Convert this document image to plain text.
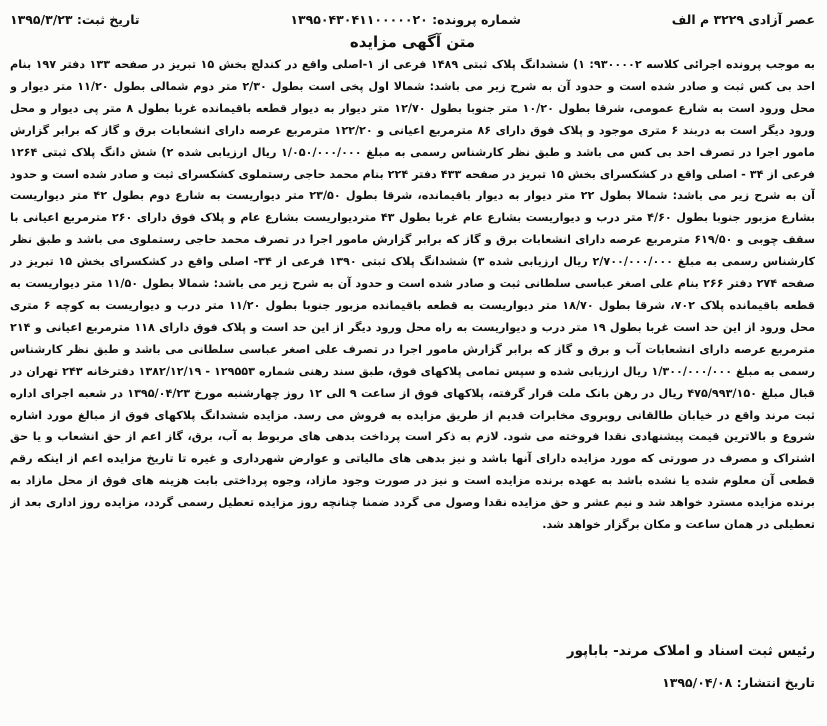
عصر آزادی ۳۲۲۹ م الف
شماره پرونده: ۱۳۹۵۰۴۳۰۴۱۱۰۰۰۰۰۲۰
تاریخ ثبت: ۱۳۹۵/۳/۲۳
متن آگهی مزایده
به موجب پرونده اجرائی کلاسه ۹۳۰۰۰۰۲: ۱) ششدانگ پلاک ثبتی ۱۴۸۹ فرعی از ۱-اصلی واقع در کندلج بخش ۱۵ تبریز در صفحه ۱۳۳ دفتر ۱۹۷ بنام احد بی کس ثبت و صادر شده است و حدود آن به شرح زیر می باشد: شمالا اول پخی است بطول ۲/۳۰ متر دوم شمالی بطول ۱۱/۲۰ متر دیوار و محل ورود است به شارع عمومی، شرقا بطول ۱۰/۲۰ متر جنوبا بطول ۱۲/۷۰ متر دیوار به دیوار قطعه باقیمانده غربا بطول ۸ متر پی دیوار و محل ورود دیگر است به دربند ۶ متری موجود و پلاک فوق دارای ۸۶ مترمربع اعیانی و ۱۲۲/۲۰ مترمربع عرصه دارای انشعابات برق و گاز که برابر گزارش مامور اجرا در تصرف احد بی کس می باشد و طبق نظر کارشناس رسمی به مبلغ ۱/۰۵۰/۰۰۰/۰۰۰ ریال ارزیابی شده ۲) شش دانگ پلاک ثبتی ۱۲۶۴ فرعی از ۳۴ - اصلی واقع در کشکسرای بخش ۱۵ تبریز در صفحه ۴۳۳ دفتر ۲۲۴ بنام محمد حاجی رستملوی کشکسرای ثبت و صادر شده است و حدود آن به شرح زیر می باشد: شمالا بطول ۲۲ متر دیوار به دیوار باقیمانده، شرقا بطول ۲۳/۵۰ متر دیواریست به شارع دوم بطول ۴۲ متر دیواریست بشارع مزبور جنوبا بطول ۴/۶۰ متر درب و دیواریست بشارع عام غربا بطول ۴۳ متردیواریست بشارع عام و پلاک فوق دارای ۲۶۰ مترمربع اعیانی با سقف چوبی و ۶۱۹/۵۰ مترمربع عرصه دارای انشعابات برق و گاز که برابر گزارش مامور اجرا در تصرف محمد حاجی رستملوی می باشد و طبق نظر کارشناس رسمی به مبلغ ۲/۷۰۰/۰۰۰/۰۰۰ ریال ارزیابی شده ۳) ششدانگ پلاک ثبتی ۱۳۹۰ فرعی از ۳۴- اصلی واقع در کشکسرای بخش ۱۵ تبریز در صفحه ۲۷۴ دفتر ۲۶۶ بنام علی اصغر عباسی سلطانی ثبت و صادر شده است و حدود آن به شرح زیر می باشد: شمالا بطول ۱۱/۵۰ متر دیواریست به قطعه باقیمانده پلاک ۷۰۲، شرقا بطول ۱۸/۷۰ متر دیواریست به قطعه باقیمانده مزبور جنوبا بطول ۱۱/۲۰ متر درب و دیواریست به کوچه ۶ متری محل ورود از این حد است غربا بطول ۱۹ متر درب و دیواریست به راه محل ورود دیگر از این حد است و پلاک فوق دارای ۱۱۸ مترمربع اعیانی و ۲۱۴ مترمربع عرصه دارای انشعابات آب و برق و گاز که برابر گزارش مامور اجرا در تصرف علی اصغر عباسی سلطانی می باشد و طبق نظر کارشناس رسمی به مبلغ ۱/۳۰۰/۰۰۰/۰۰۰ ریال ارزیابی شده و سپس تمامی پلاکهای فوق، طبق سند رهنی شماره ۱۲۹۵۵۳ - ۱۳۸۲/۱۲/۱۹ دفترخانه ۲۴۳ تهران در قبال مبلغ ۴۷۵/۹۹۳/۱۵۰ ریال در رهن بانک ملت قرار گرفته، پلاکهای فوق از ساعت ۹ الی ۱۲ روز چهارشنبه مورخ ۱۳۹۵/۰۴/۲۳ در شعبه اجرای اداره ثبت مرند واقع در خیابان طالقانی روبروی مخابرات قدیم از طریق مزایده به فروش می رسد. مزایده ششدانگ پلاکهای فوق از مبالغ مورد اشاره شروع و بالاترین قیمت پیشنهادی نقدا فروخته می شود. لازم به ذکر است پرداخت بدهی های مربوط به آب، برق، گاز اعم از حق انشعاب و یا حق اشتراک و مصرف در صورتی که مورد مزایده دارای آنها باشد و نیز بدهی های مالیاتی و عوارض شهرداری و غیره تا تاریخ مزایده اعم از اینکه رقم قطعی آن معلوم شده یا نشده باشد به عهده برنده مزایده است و نیز در صورت وجود مازاد، وجوه پرداختی بابت هزینه های فوق از محل مازاد به برنده مزایده مسترد خواهد شد و نیم عشر و حق مزایده نقدا وصول می گردد ضمنا چنانچه روز مزایده تعطیل رسمی گردد، مزایده روز اداری بعد از تعطیلی در همان ساعت و مکان برگزار خواهد شد.
رئیس ثبت اسناد و املاک مرند- باباپور
تاریخ انتشار: ۱۳۹۵/۰۴/۰۸
